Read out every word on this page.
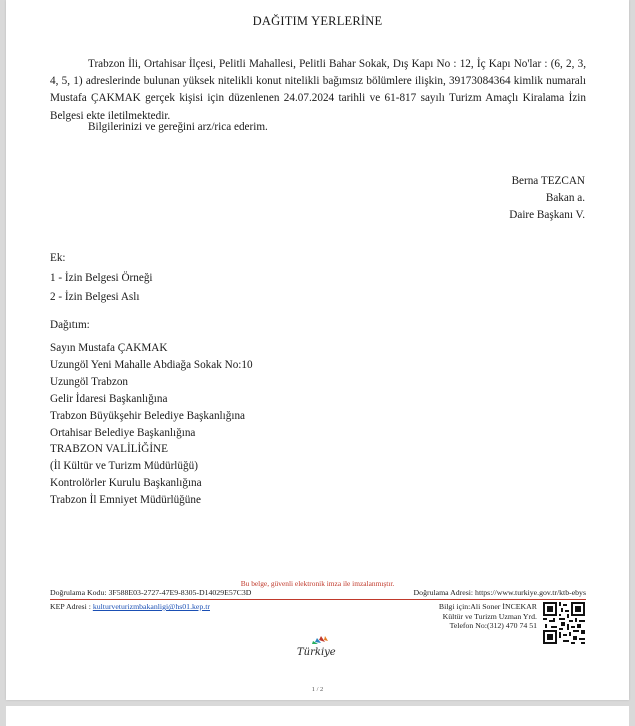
DAĞITIM YERLERİNE

Trabzon İli, Ortahisar İlçesi, Pelitli Mahallesi, Pelitli Bahar Sokak, Dış Kapı No : 12, İç Kapı No'lar : (6, 2, 3, 4, 5, 1) adreslerinde bulunan yüksek nitelikli konut nitelikli bağımsız bölümlere ilişkin, 39173084364 kimlik numaralı Mustafa ÇAKMAK gerçek kişisi için düzenlenen 24.07.2024 tarihli ve 61-817 sayılı Turizm Amaçlı Kiralama İzin Belgesi ekte iletilmektedir.

Bilgilerinizi ve gereğini arz/rica ederim.
Berna TEZCAN
Bakan a.
Daire Başkanı V.
Ek:
1 - İzin Belgesi Örneği
2 - İzin Belgesi Aslı
Dağıtım:
Sayın Mustafa ÇAKMAK
Uzungöl Yeni Mahalle Abdiağa Sokak No:10
Uzungöl Trabzon
Gelir İdaresi Başkanlığına
Trabzon Büyükşehir Belediye Başkanlığına
Ortahisar Belediye Başkanlığına
TRABZON VALİLİĞİNE
(İl Kültür ve Turizm Müdürlüğü)
Kontrolörler Kurulu Başkanlığına
Trabzon İl Emniyet Müdürlüğüne
Bu belge, güvenli elektronik imza ile imzalanmıştır.
Doğrulama Kodu: 3F588E03-2727-47E9-8305-D14029E57C3D	Doğrulama Adresi: https://www.turkiye.gov.tr/ktb-ebys
KEP Adresi : kulturveturizmbakanligi@hs01.kep.tr	Bilgi için:Ali Soner İNCEKAR
Kültür ve Turizm Uzman Yrd.
Telefon No:(312) 470 74 51
Türkiye
1 / 2
